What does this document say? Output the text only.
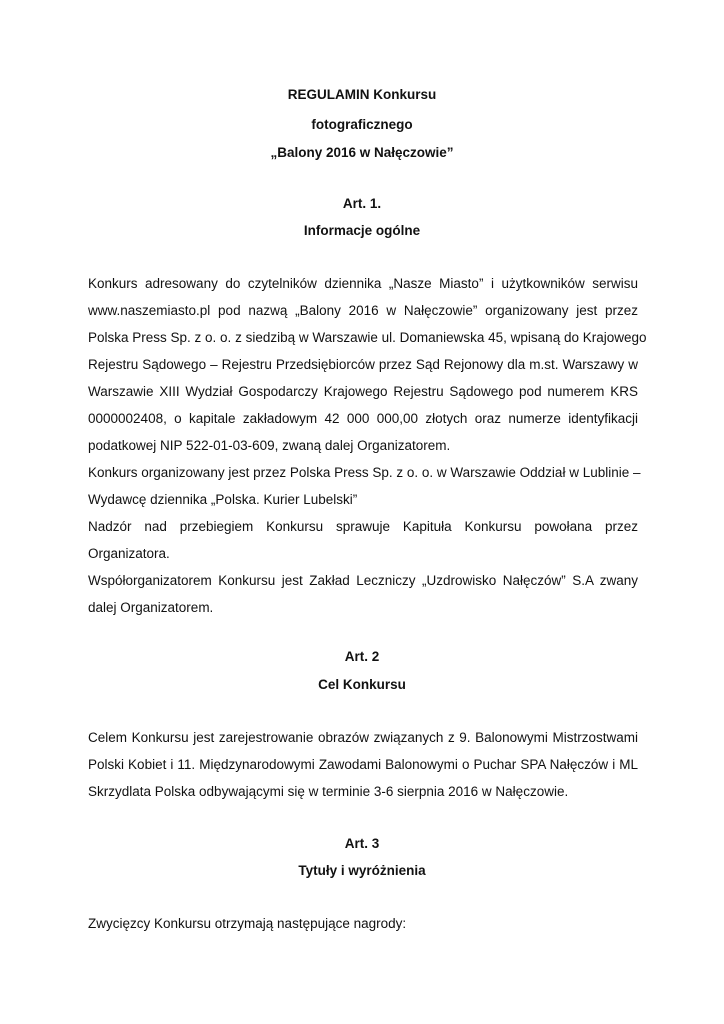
REGULAMIN Konkursu
fotograficznego
„Balony 2016 w Nałęczowie”
Art. 1.
Informacje ogólne
Konkurs adresowany do czytelników dziennika „Nasze Miasto” i użytkowników serwisu
www.naszemiasto.pl pod nazwą „Balony 2016 w Nałęczowie” organizowany jest przez
Polska Press Sp. z o. o. z siedzibą w Warszawie ul. Domaniewska 45, wpisaną do Krajowego
Rejestru Sądowego – Rejestru Przedsiębiorców przez Sąd Rejonowy dla m.st. Warszawy w
Warszawie XIII Wydział Gospodarczy Krajowego Rejestru Sądowego pod numerem KRS
0000002408, o kapitale zakładowym 42 000 000,00 złotych oraz numerze identyfikacji
podatkowej NIP 522-01-03-609, zwaną dalej Organizatorem.
Konkurs organizowany jest przez Polska Press Sp. z o. o. w Warszawie Oddział w Lublinie –
Wydawcę dziennika „Polska. Kurier Lubelski”
Nadzór nad przebiegiem Konkursu sprawuje Kapituła Konkursu powołana przez
Organizatora.
Współorganizatorem Konkursu jest Zakład Leczniczy „Uzdrowisko Nałęczów” S.A zwany
dalej Organizatorem.
Art. 2
Cel Konkursu
Celem Konkursu jest zarejestrowanie obrazów związanych z 9. Balonowymi Mistrzostwami
Polski Kobiet i 11. Międzynarodowymi Zawodami Balonowymi o Puchar SPA Nałęczów i ML
Skrzydlata Polska odbywającymi się w terminie 3-6 sierpnia 2016 w Nałęczowie.
Art. 3
Tytuły i wyróżnienia
Zwycięzcy Konkursu otrzymają następujące nagrody:
